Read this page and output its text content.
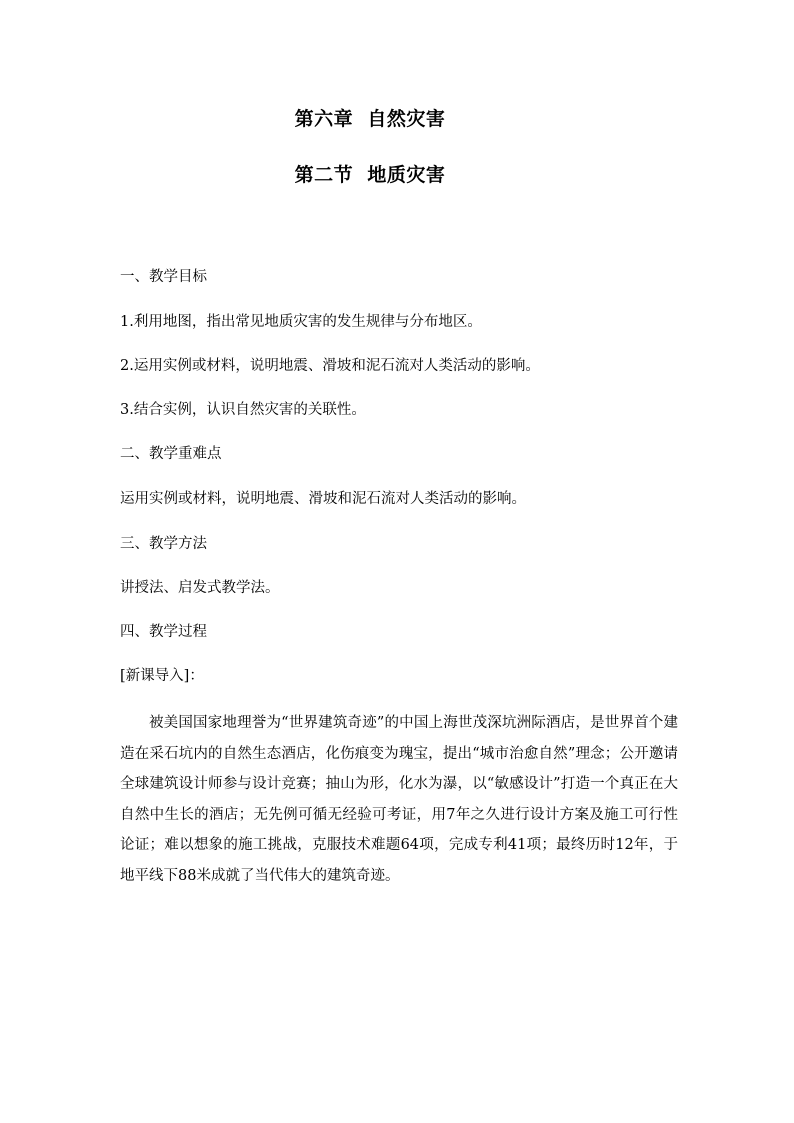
第六章  自然灾害
第二节  地质灾害
一、教学目标
1.利用地图，指出常见地质灾害的发生规律与分布地区。
2.运用实例或材料，说明地震、滑坡和泥石流对人类活动的影响。
3.结合实例，认识自然灾害的关联性。
二、教学重难点
运用实例或材料，说明地震、滑坡和泥石流对人类活动的影响。
三、教学方法
讲授法、启发式教学法。
四、教学过程
[新课导入]：
被美国国家地理誉为“世界建筑奇迹”的中国上海世茂深坑洲际酒店，是世界首个建造在采石坑内的自然生态酒店，化伤痕变为瑰宝，提出“城市治愈自然”理念；公开邀请全球建筑设计师参与设计竞赛；抽山为形，化水为瀑，以“敏感设计”打造一个真正在大自然中生长的酒店；无先例可循无经验可考证，用7年之久进行设计方案及施工可行性论证；难以想象的施工挑战，克服技术难题64项，完成专利41项；最终历时12年，于地平线下88米成就了当代伟大的建筑奇迹。
